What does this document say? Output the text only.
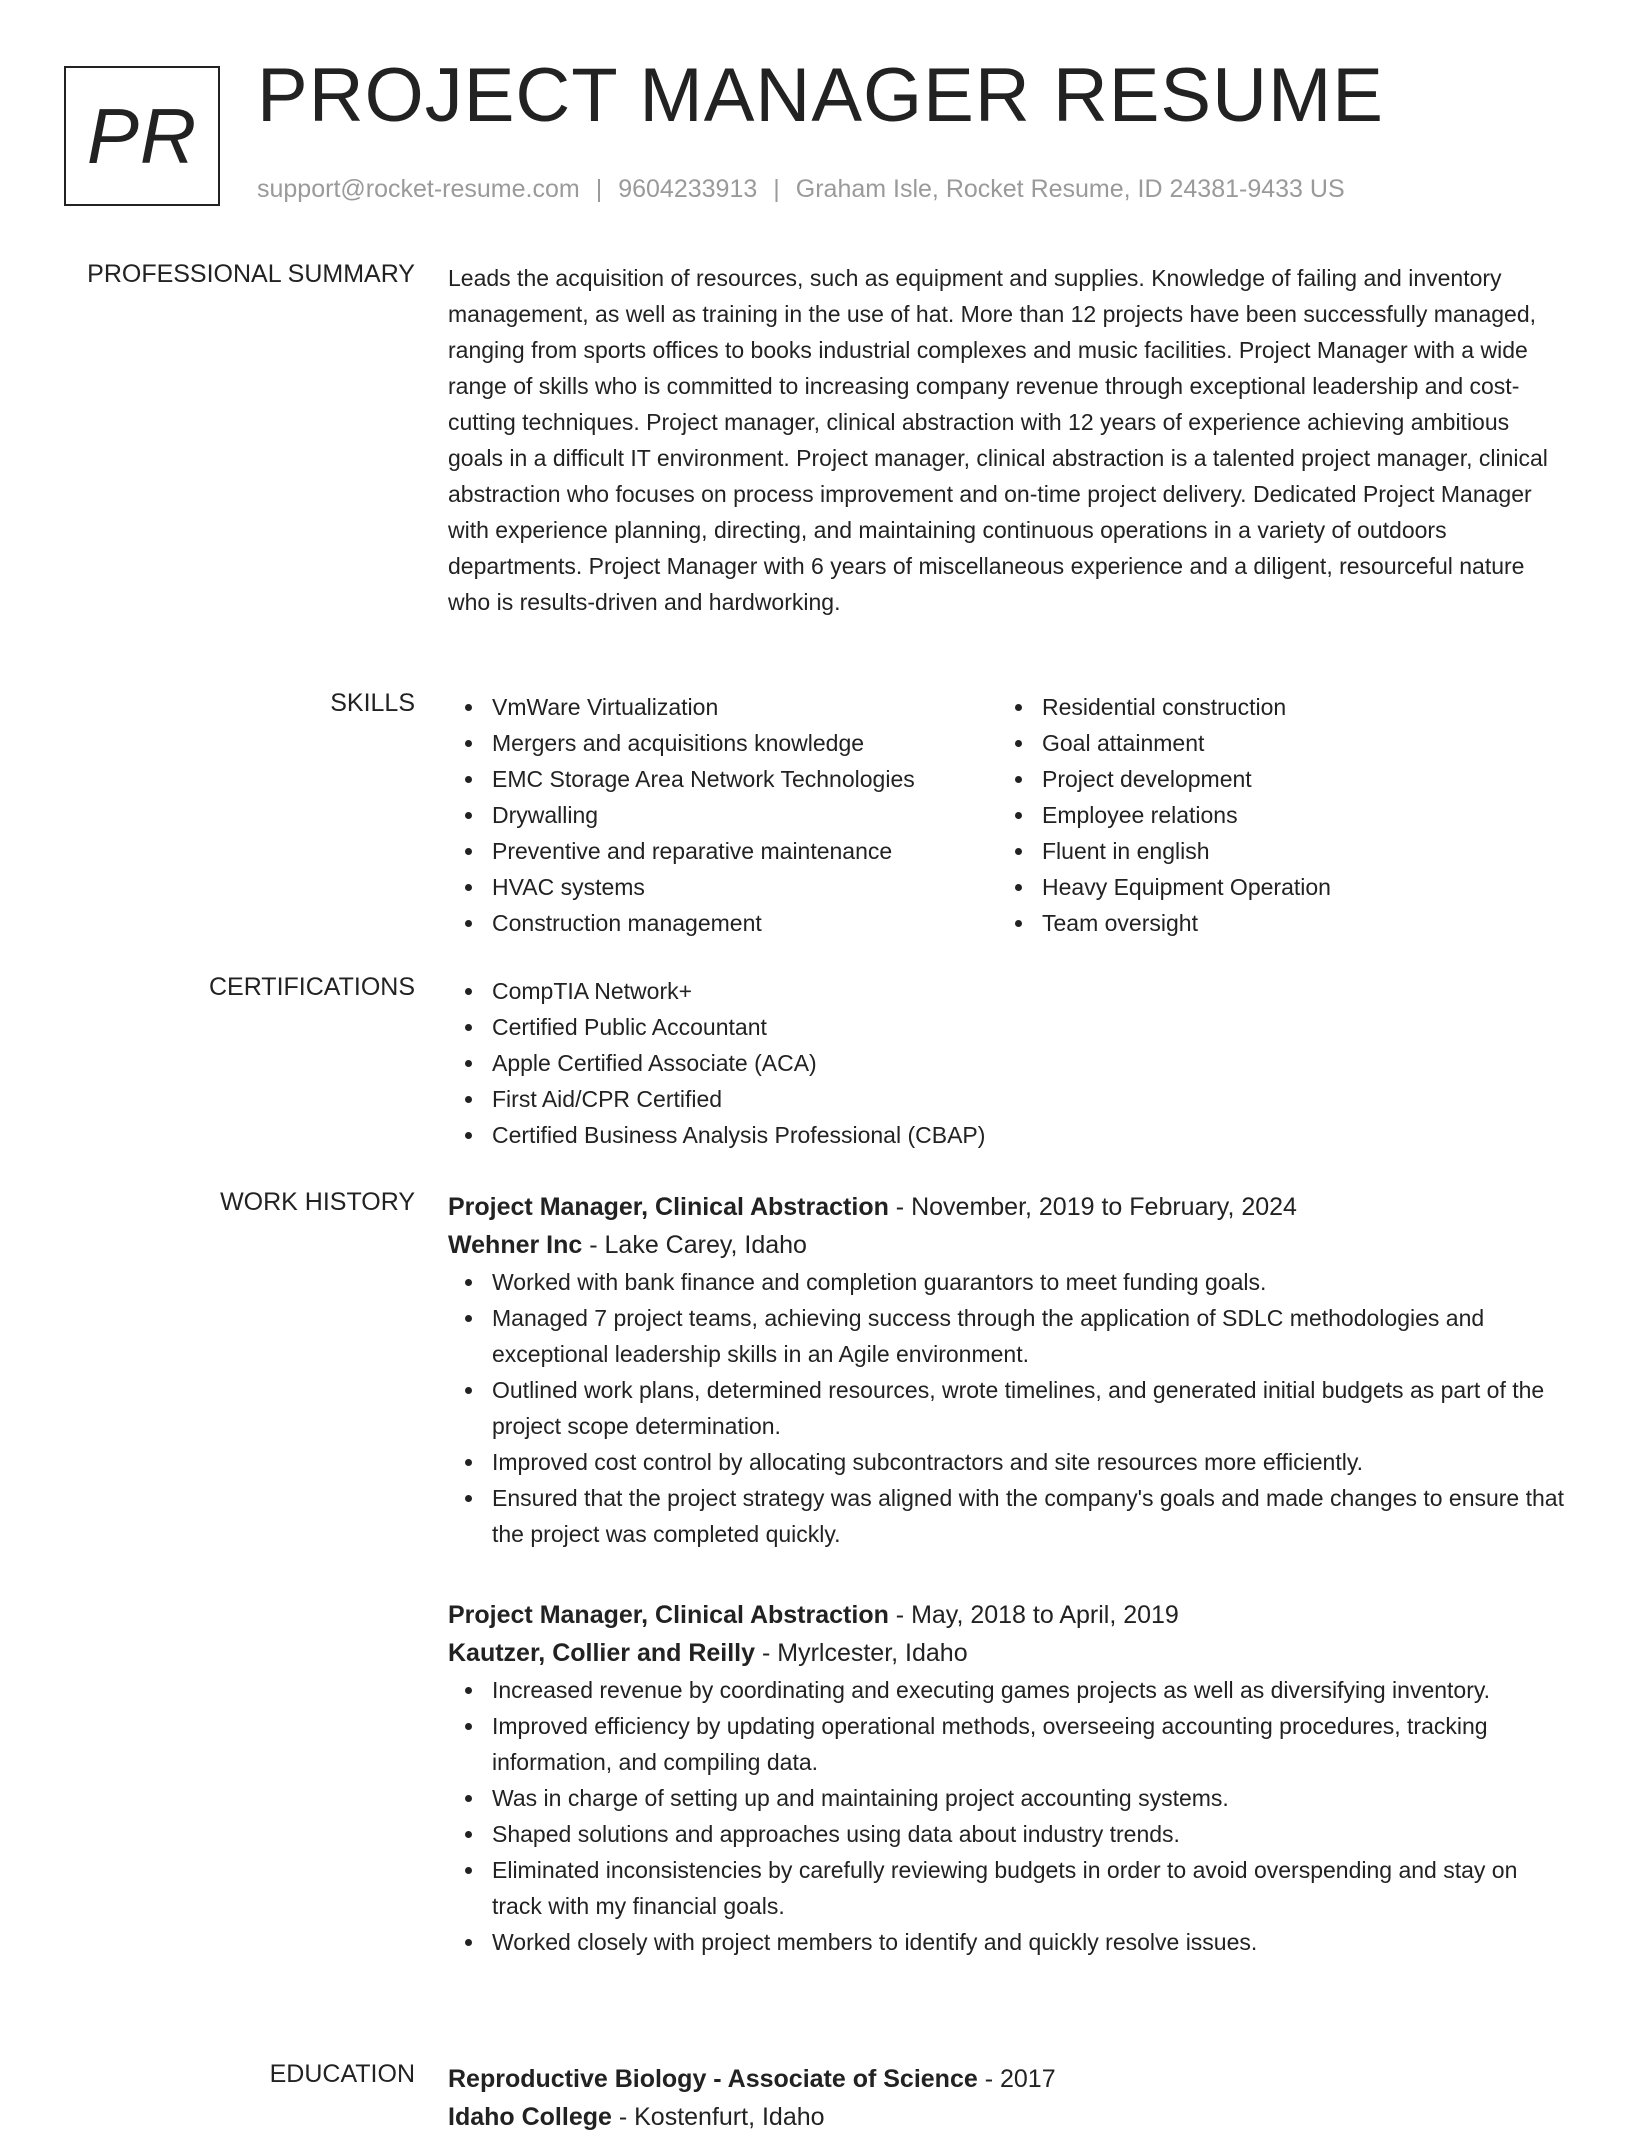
PR PROJECT MANAGER RESUME
support@rocket-resume.com | 9604233913 | Graham Isle, Rocket Resume, ID 24381-9433 US
PROFESSIONAL SUMMARY Leads the acquisition of resources, such as equipment and supplies. Knowledge of failing and inventory management, as well as training in the use of hat. More than 12 projects have been successfully managed, ranging from sports offices to books industrial complexes and music facilities. Project Manager with a wide range of skills who is committed to increasing company revenue through exceptional leadership and cost-cutting techniques. Project manager, clinical abstraction with 12 years of experience achieving ambitious goals in a difficult IT environment. Project manager, clinical abstraction is a talented project manager, clinical abstraction who focuses on process improvement and on-time project delivery. Dedicated Project Manager with experience planning, directing, and maintaining continuous operations in a variety of outdoors departments. Project Manager with 6 years of miscellaneous experience and a diligent, resourceful nature who is results-driven and hardworking.

SKILLS	VmWare Virtualization
Mergers and acquisitions knowledge
EMC Storage Area Network Technologies
Drywalling
Preventive and reparative maintenance
HVAC systems
Construction management
Residential construction
Goal attainment
Project development
Employee relations
Fluent in english
Heavy Equipment Operation
Team oversight
CERTIFICATIONS	CompTIA Network+
Certified Public Accountant
Apple Certified Associate (ACA)
First Aid/CPR Certified
Certified Business Analysis Professional (CBAP)
WORK HISTORY Project Manager, Clinical Abstraction - November, 2019 to February, 2024
Wehner Inc - Lake Carey, Idaho
Worked with bank finance and completion guarantors to meet funding goals.
Managed 7 project teams, achieving success through the application of SDLC methodologies and exceptional leadership skills in an Agile environment.
Outlined work plans, determined resources, wrote timelines, and generated initial budgets as part of the project scope determination.
Improved cost control by allocating subcontractors and site resources more efficiently.
Ensured that the project strategy was aligned with the company's goals and made changes to ensure that the project was completed quickly.
Project Manager, Clinical Abstraction - May, 2018 to April, 2019
Kautzer, Collier and Reilly - Myrlcester, Idaho
Increased revenue by coordinating and executing games projects as well as diversifying inventory.
Improved efficiency by updating operational methods, overseeing accounting procedures, tracking information, and compiling data.
Was in charge of setting up and maintaining project accounting systems.
Shaped solutions and approaches using data about industry trends.
Eliminated inconsistencies by carefully reviewing budgets in order to avoid overspending and stay on track with my financial goals.
Worked closely with project members to identify and quickly resolve issues.
EDUCATION Reproductive Biology - Associate of Science - 2017
Idaho College - Kostenfurt, Idaho
